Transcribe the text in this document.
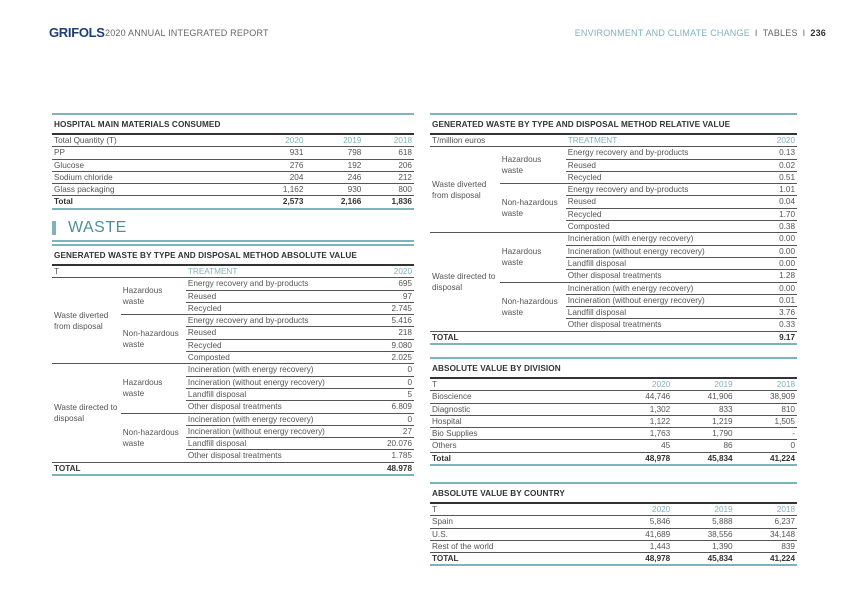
GRIFOLS 2020 ANNUAL INTEGRATED REPORT	ENVIRONMENT AND CLIMATE CHANGE I TABLES I 236
HOSPITAL MAIN MATERIALS CONSUMED
Total Quantity (T)	2020	2019	2018
PP	931	798	618
Glucose	276	192	206
Sodium chloride	204	246	212
Glass packaging	1,162	930	800
Total	2,573	2,166	1,836
WASTE
GENERATED WASTE BY TYPE AND DISPOSAL METHOD ABSOLUTE VALUE
T		TREATMENT	2020
Waste diverted from disposal	Hazardous waste	Energy recovery and by-products	695
		Reused	97
		Recycled	2.745
	Non-hazardous waste	Energy recovery and by-products	5.416
		Reused	218
		Recycled	9.080
		Composted	2.025
Waste directed to disposal	Hazardous waste	Incineration (with energy recovery)	0
		Incineration (without energy recovery)	0
		Landfill disposal	5
		Other disposal treatments	6.809
	Non-hazardous waste	Incineration (with energy recovery)	0
		Incineration (without energy recovery)	27
		Landfill disposal	20.076
		Other disposal treatments	1.785
TOTAL			48.978
GENERATED WASTE BY TYPE AND DISPOSAL METHOD RELATIVE VALUE
T/million euros		TREATMENT	2020
Waste diverted from disposal	Hazardous waste	Energy recovery and by-products	0.13
		Reused	0.02
		Recycled	0.51
	Non-hazardous waste	Energy recovery and by-products	1.01
		Reused	0.04
		Recycled	1.70
		Composted	0.38
Waste directed to disposal	Hazardous waste	Incineration (with energy recovery)	0.00
		Incineration (without energy recovery)	0.00
		Landfill disposal	0.00
		Other disposal treatments	1.28
	Non-hazardous waste	Incineration (with energy recovery)	0.00
		Incineration (without energy recovery)	0.01
		Landfill disposal	3.76
		Other disposal treatments	0.33
TOTAL			9.17
ABSOLUTE VALUE BY DIVISION
T	2020	2019	2018
Bioscience	44,746	41,906	38,909
Diagnostic	1,302	833	810
Hospital	1,122	1,219	1,505
Bio Supplies	1,763	1,790	-
Others	45	86	0
Total	48,978	45,834	41,224
ABSOLUTE VALUE BY COUNTRY
T	2020	2019	2018
Spain	5,846	5,888	6,237
U.S.	41,689	38,556	34,148
Rest of the world	1,443	1,390	839
TOTAL	48,978	45,834	41,224
